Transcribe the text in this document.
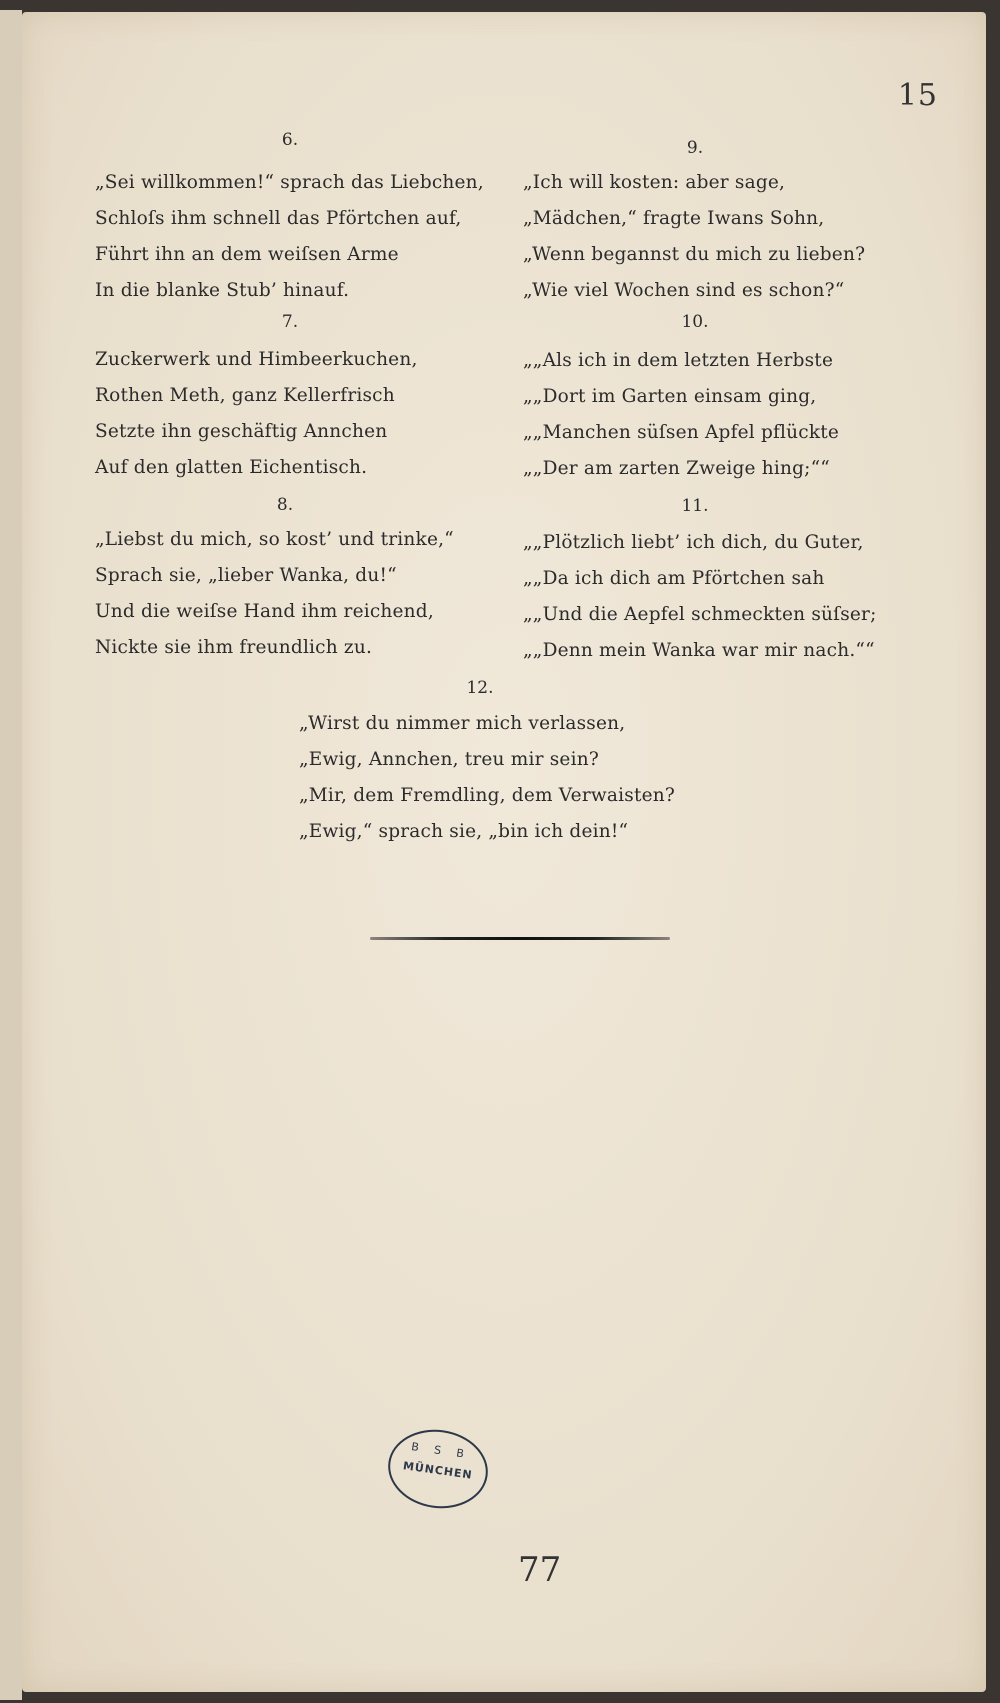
15
6.
„Sei willkommen!“ sprach das Liebchen,
Schloſs ihm schnell das Pförtchen auf,
Führt ihn an dem weiſsen Arme
In die blanke Stub’ hinauf.
7.
Zuckerwerk und Himbeerkuchen,
Rothen Meth, ganz Kellerfrisch
Setzte ihn geschäftig Annchen
Auf den glatten Eichentisch.
8.
„Liebst du mich, so kost’ und trinke,“
Sprach sie, „lieber Wanka, du!“
Und die weiſse Hand ihm reichend,
Nickte sie ihm freundlich zu.
9.
„Ich will kosten: aber sage,
„Mädchen,“ fragte Iwans Sohn,
„Wenn begannst du mich zu lieben?
„Wie viel Wochen sind es schon?“
10.
„„Als ich in dem letzten Herbste
„„Dort im Garten einsam ging,
„„Manchen süſsen Apfel pflückte
„„Der am zarten Zweige hing;““
11.
„„Plötzlich liebt’ ich dich, du Guter,
„„Da ich dich am Pförtchen sah
„„Und die Aepfel schmeckten süſser;
„„Denn mein Wanka war mir nach.““
12.
„Wirst du nimmer mich verlassen,
„Ewig, Annchen, treu mir sein?
„Mir, dem Fremdling, dem Verwaisten?
„Ewig,“ sprach sie, „bin ich dein!“
B S B
MÜNCHEN
77
